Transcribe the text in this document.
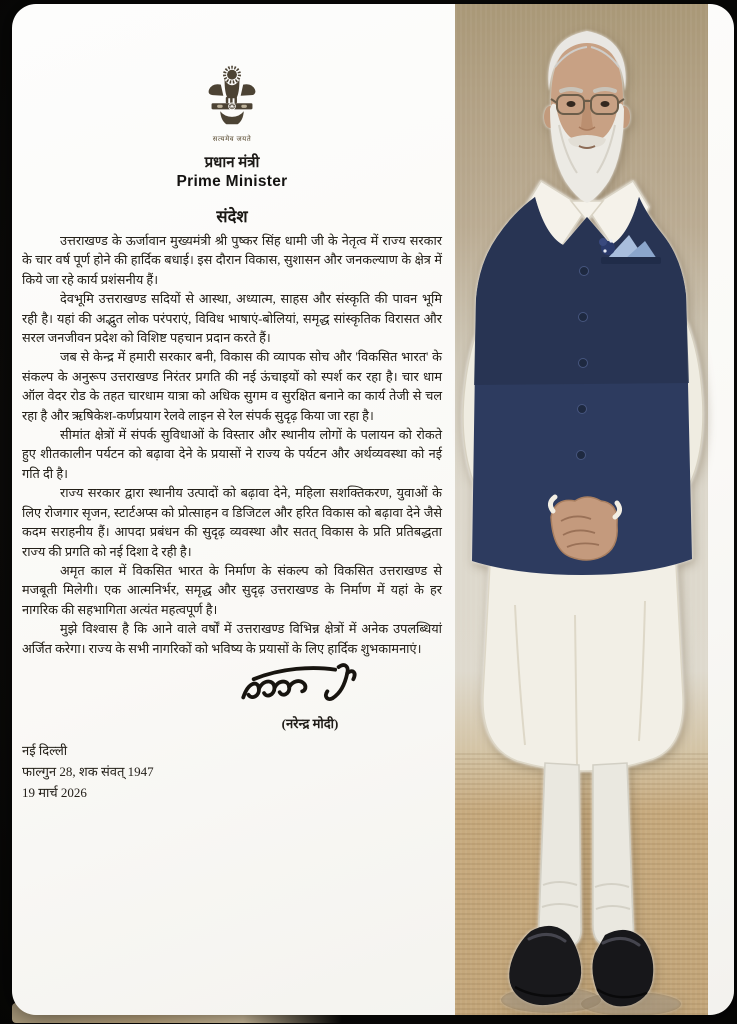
सत्यमेव जयते
प्रधान मंत्री
Prime Minister
संदेश

उत्तराखण्ड के ऊर्जावान मुख्यमंत्री श्री पुष्कर सिंह धामी जी के नेतृत्व में राज्य सरकार के चार वर्ष पूर्ण होने की हार्दिक बधाई। इस दौरान विकास, सुशासन और जनकल्याण के क्षेत्र में किये जा रहे कार्य प्रशंसनीय हैं।

देवभूमि उत्तराखण्ड सदियों से आस्था, अध्यात्म, साहस और संस्कृति की पावन भूमि रही है। यहां की अद्भुत लोक परंपराएं, विविध भाषाएं-बोलियां, समृद्ध सांस्कृतिक विरासत और सरल जनजीवन प्रदेश को विशिष्ट पहचान प्रदान करते हैं।

जब से केन्द्र में हमारी सरकार बनी, विकास की व्यापक सोच और 'विकसित भारत' के संकल्प के अनुरूप उत्तराखण्ड निरंतर प्रगति की नई ऊंचाइयों को स्पर्श कर रहा है। चार धाम ऑल वेदर रोड के तहत चारधाम यात्रा को अधिक सुगम व सुरक्षित बनाने का कार्य तेजी से चल रहा है और ऋषिकेश-कर्णप्रयाग रेलवे लाइन से रेल संपर्क सुदृढ़ किया जा रहा है।

सीमांत क्षेत्रों में संपर्क सुविधाओं के विस्तार और स्थानीय लोगों के पलायन को रोकते हुए शीतकालीन पर्यटन को बढ़ावा देने के प्रयासों ने राज्य के पर्यटन और अर्थव्यवस्था को नई गति दी है।

राज्य सरकार द्वारा स्थानीय उत्पादों को बढ़ावा देने, महिला सशक्तिकरण, युवाओं के लिए रोजगार सृजन, स्टार्टअप्स को प्रोत्साहन व डिजिटल और हरित विकास को बढ़ावा देने जैसे कदम सराहनीय हैं। आपदा प्रबंधन की सुदृढ़ व्यवस्था और सतत् विकास के प्रति प्रतिबद्धता राज्य की प्रगति को नई दिशा दे रही है।

अमृत काल में विकसित भारत के निर्माण के संकल्प को विकसित उत्तराखण्ड से मजबूती मिलेगी। एक आत्मनिर्भर, समृद्ध और सुदृढ़ उत्तराखण्ड के निर्माण में यहां के हर नागरिक की सहभागिता अत्यंत महत्वपूर्ण है।

मुझे विश्वास है कि आने वाले वर्षों में उत्तराखण्ड विभिन्न क्षेत्रों में अनेक उपलब्धियां अर्जित करेगा। राज्य के सभी नागरिकों को भविष्य के प्रयासों के लिए हार्दिक शुभकामनाएं।

(नरेन्द्र मोदी)
नई दिल्ली
फाल्गुन 28, शक संवत् 1947
19 मार्च 2026
